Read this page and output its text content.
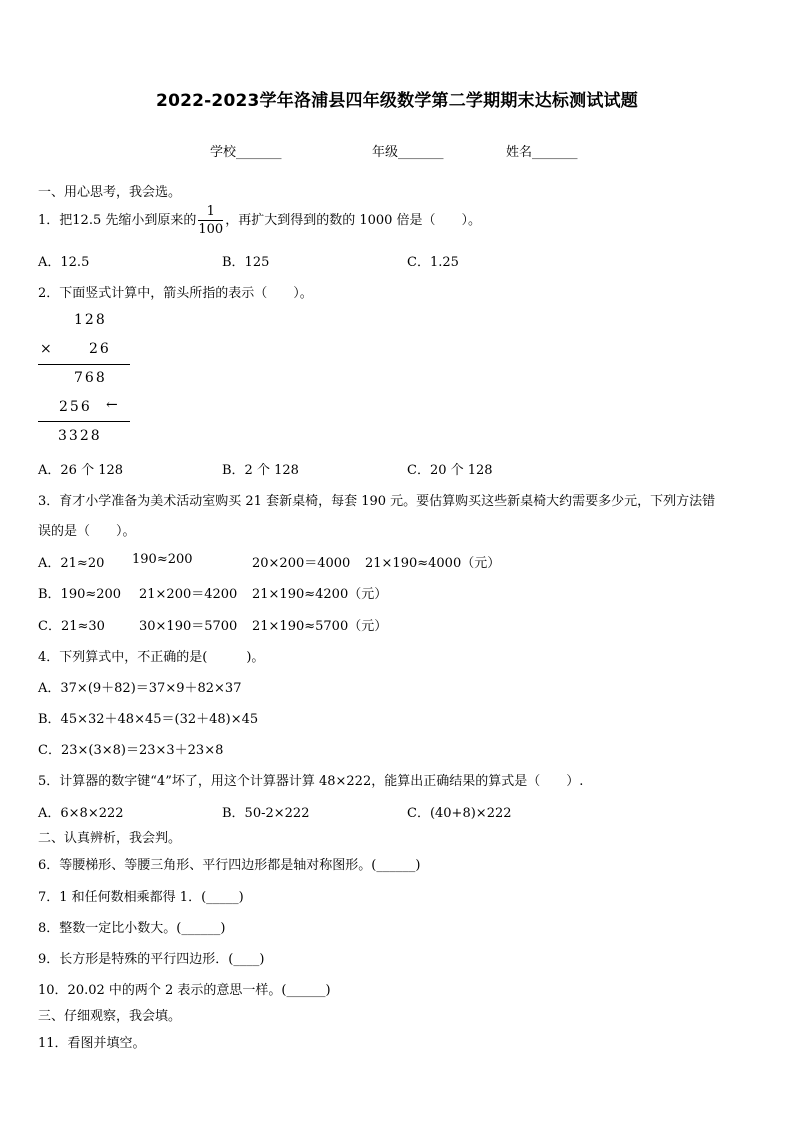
2022-2023学年洛浦县四年级数学第二学期期末达标测试试题
学校_______	年级_______	姓名_______
一、用心思考，我会选。
1．把12.5 先缩小到原来的 $\frac{1}{100}$ ，再扩大到得到的数的 1000 倍是（　　）。
A．12.5	B．125	C．1.25
2．下面竖式计算中，箭头所指的表示（　　）。
128
×	26
768
256 ←
3328
A．26 个 128	B．2 个 128	C．20 个 128
3．育才小学准备为美术活动室购买 21 套新桌椅，每套 190 元。要估算购买这些新桌椅大约需要多少元，下列方法错
误的是（　　）。
A．21≈20 190≈200	20×200＝4000 21×190≈4000（元）
B．190≈200 21×200＝4200 21×190≈4200（元）
C．21≈30	30×190＝5700 21×190≈5700（元）
4．下列算式中，不正确的是(　　　)。
A．37×(9＋82)＝37×9＋82×37
B．45×32＋48×45＝(32＋48)×45
C．23×(3×8)＝23×3＋23×8
5．计算器的数字键“4”坏了，用这个计算器计算 48×222，能算出正确结果的算式是（　　）.
A．6×8×222	B．50-2×222	C．(40+8)×222
二、认真辨析，我会判。
6．等腰梯形、等腰三角形、平行四边形都是轴对称图形。(______)
7．1 和任何数相乘都得 1．(_____)
8．整数一定比小数大。(______)
9．长方形是特殊的平行四边形．(____)
10．20.02 中的两个 2 表示的意思一样。(______)
三、仔细观察，我会填。
11．看图并填空。
